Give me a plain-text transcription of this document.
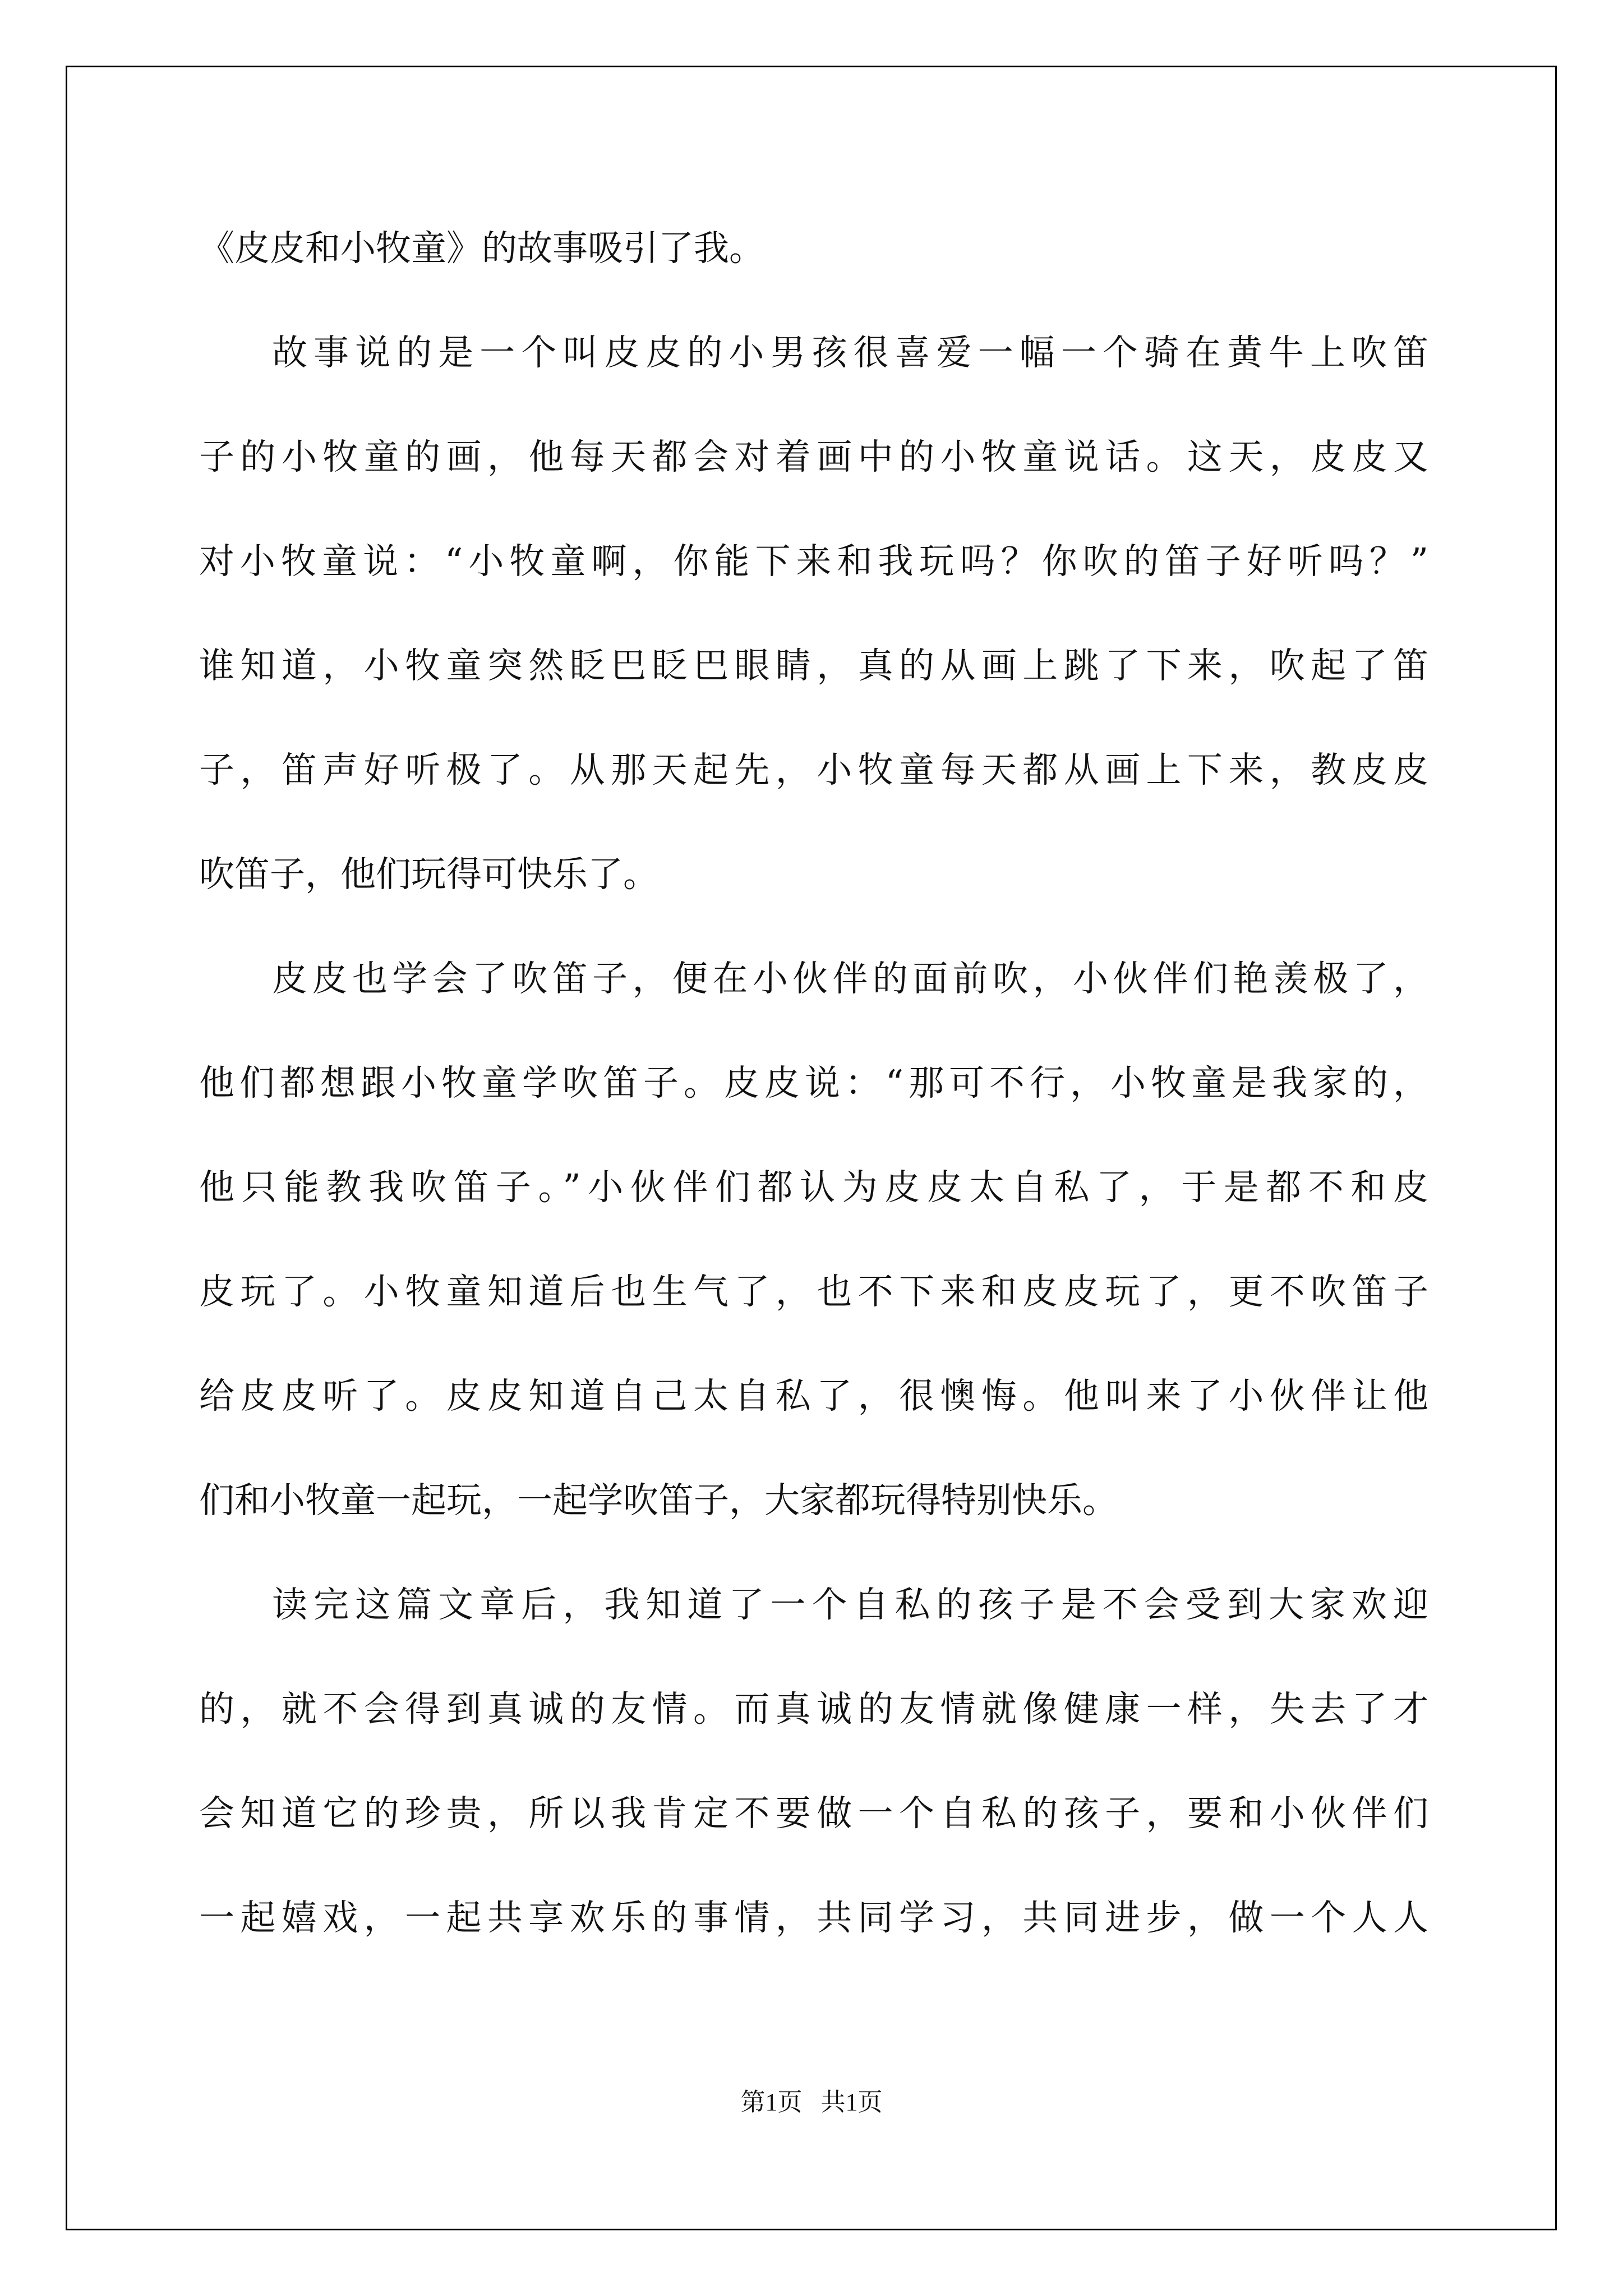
《皮皮和小牧童》的故事吸引了我。
故事说的是一个叫皮皮的小男孩很喜爱一幅一个骑在黄牛上吹笛
子的小牧童的画，他每天都会对着画中的小牧童说话。这天，皮皮又
对小牧童说：“小牧童啊，你能下来和我玩吗？你吹的笛子好听吗？”
谁知道，小牧童突然眨巴眨巴眼睛，真的从画上跳了下来，吹起了笛
子，笛声好听极了。从那天起先，小牧童每天都从画上下来，教皮皮
吹笛子，他们玩得可快乐了。
皮皮也学会了吹笛子，便在小伙伴的面前吹，小伙伴们艳羡极了，
他们都想跟小牧童学吹笛子。皮皮说：“那可不行，小牧童是我家的，
他只能教我吹笛子。”小伙伴们都认为皮皮太自私了，于是都不和皮
皮玩了。小牧童知道后也生气了，也不下来和皮皮玩了，更不吹笛子
给皮皮听了。皮皮知道自己太自私了，很懊悔。他叫来了小伙伴让他
们和小牧童一起玩，一起学吹笛子，大家都玩得特别快乐。
读完这篇文章后，我知道了一个自私的孩子是不会受到大家欢迎
的，就不会得到真诚的友情。而真诚的友情就像健康一样，失去了才
会知道它的珍贵，所以我肯定不要做一个自私的孩子，要和小伙伴们
一起嬉戏，一起共享欢乐的事情，共同学习，共同进步，做一个人人
第1页   共1页
